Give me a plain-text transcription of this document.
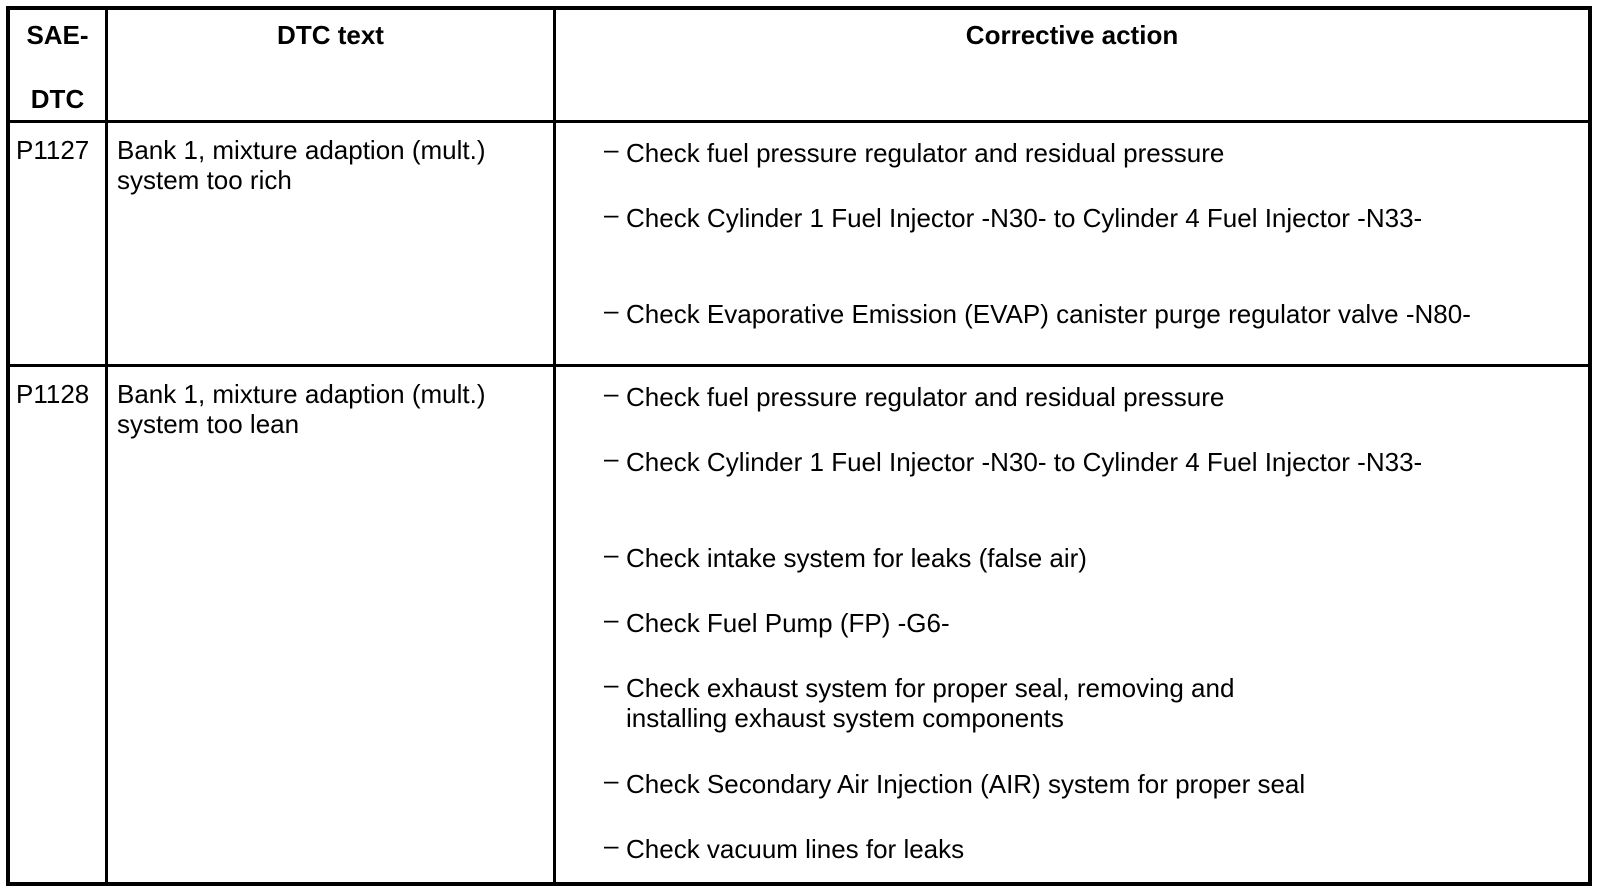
SAE-
DTC
DTC text	Corrective action
P1127 Bank 1, mixture adaption (mult.)
system too rich
– Check fuel pressure regulator and residual pressure
– Check Cylinder 1 Fuel Injector -N30- to Cylinder 4 Fuel Injector -N33-
– Check Evaporative Emission (EVAP) canister purge regulator valve -N80-
P1128 Bank 1, mixture adaption (mult.)
system too lean
– Check fuel pressure regulator and residual pressure
– Check Cylinder 1 Fuel Injector -N30- to Cylinder 4 Fuel Injector -N33-
– Check intake system for leaks (false air)
– Check Fuel Pump (FP) -G6-
– Check exhaust system for proper seal, removing and
installing exhaust system components
– Check Secondary Air Injection (AIR) system for proper seal
– Check vacuum lines for leaks
